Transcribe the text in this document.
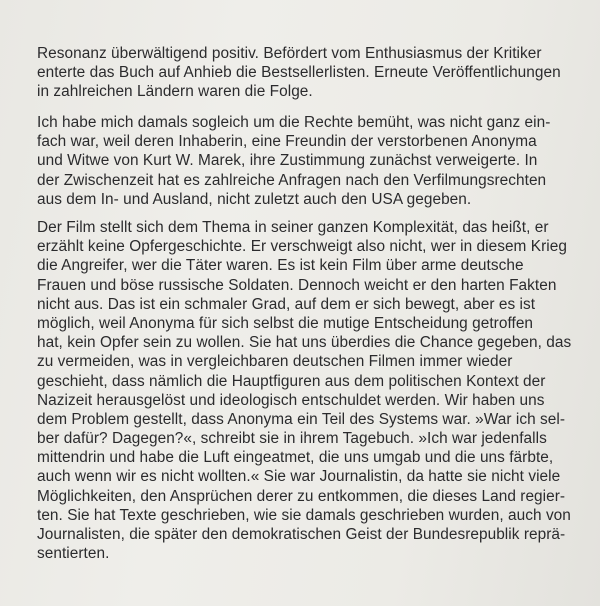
Resonanz überwältigend positiv. Befördert vom Enthusiasmus der Kritiker
enterte das Buch auf Anhieb die Bestsellerlisten. Erneute Veröffentlichungen
in zahlreichen Ländern waren die Folge.
Ich habe mich damals sogleich um die Rechte bemüht, was nicht ganz ein-
fach war, weil deren Inhaberin, eine Freundin der verstorbenen Anonyma
und Witwe von Kurt W. Marek, ihre Zustimmung zunächst verweigerte. In
der Zwischenzeit hat es zahlreiche Anfragen nach den Verfilmungsrechten
aus dem In- und Ausland, nicht zuletzt auch den USA gegeben.
Der Film stellt sich dem Thema in seiner ganzen Komplexität, das heißt, er
erzählt keine Opfergeschichte. Er verschweigt also nicht, wer in diesem Krieg
die Angreifer, wer die Täter waren. Es ist kein Film über arme deutsche
Frauen und böse russische Soldaten. Dennoch weicht er den harten Fakten
nicht aus. Das ist ein schmaler Grad, auf dem er sich bewegt, aber es ist
möglich, weil Anonyma für sich selbst die mutige Entscheidung getroffen
hat, kein Opfer sein zu wollen. Sie hat uns überdies die Chance gegeben, das
zu vermeiden, was in vergleichbaren deutschen Filmen immer wieder
geschieht, dass nämlich die Hauptfiguren aus dem politischen Kontext der
Nazizeit herausgelöst und ideologisch entschuldet werden. Wir haben uns
dem Problem gestellt, dass Anonyma ein Teil des Systems war. »War ich sel-
ber dafür? Dagegen?«, schreibt sie in ihrem Tagebuch. »Ich war jedenfalls
mittendrin und habe die Luft eingeatmet, die uns umgab und die uns färbte,
auch wenn wir es nicht wollten.« Sie war Journalistin, da hatte sie nicht viele
Möglichkeiten, den Ansprüchen derer zu entkommen, die dieses Land regier-
ten. Sie hat Texte geschrieben, wie sie damals geschrieben wurden, auch von
Journalisten, die später den demokratischen Geist der Bundesrepublik reprä-
sentierten.
